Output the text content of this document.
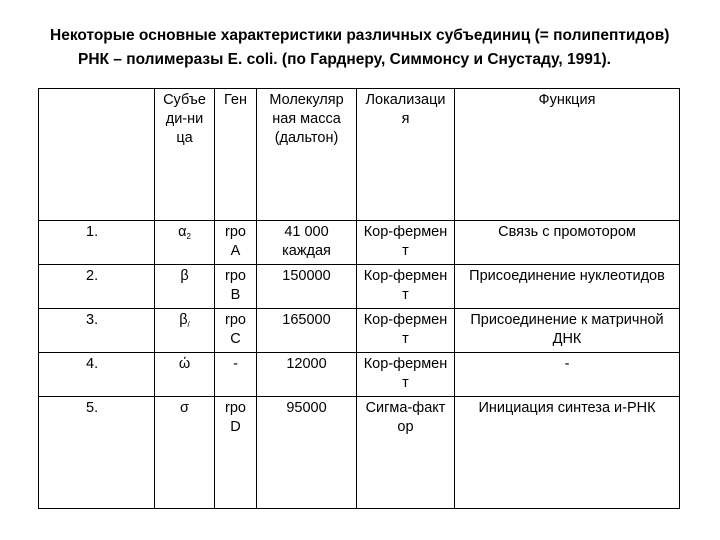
Некоторые основные характеристики различных субъединиц (= полипептидов)
РНК – полимеразы E. coli. (по Гарднеру, Симмонсу и Снустаду, 1991).
	Субъе ди-ни ца	Ген	Молекуляр ная масса (дальтон)	Локализаци я	Функция
1.	$\alpha_2$	rpo A	41 000 каждая	Кор-фермен т	Связь с промотором
2.	β	rpo B	150000	Кор-фермен т	Присоединение нуклеотидов
3.	$\beta_/$	rpo C	165000	Кор-фермен т	Присоединение к матричной ДНК
4.	ώ	-	12000	Кор-фермен т	-
5.	σ	rpo D	95000	Сигма-факт ор	Инициация синтеза и-РНК
